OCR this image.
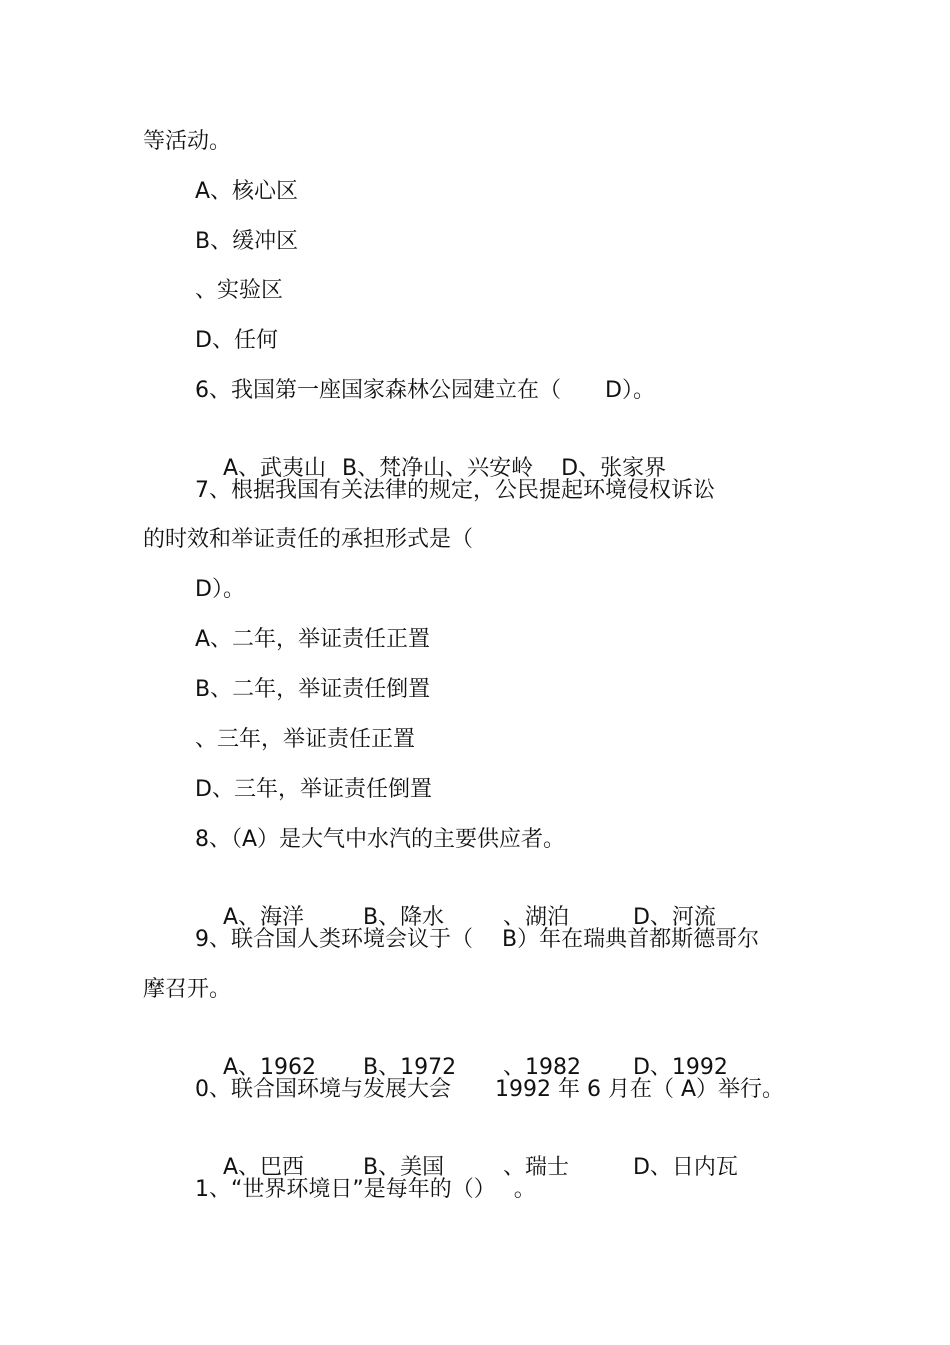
等活动。
A、核心区
B、缓冲区
、实验区
D、任何
6、我国第一座国家森林公园建立在（　　D）。

A、武夷山 B、梵净山、兴安岭 D、张家界

7、根据我国有关法律的规定，公民提起环境侵权诉讼
的时效和举证责任的承担形式是（
D）。
A、二年，举证责任正置
B、二年，举证责任倒置
、三年，举证责任正置
D、三年，举证责任倒置
8、（A）是大气中水汽的主要供应者。

A、海洋	B、降水	、湖泊	D、河流

9、联合国人类环境会议于（　 B）年在瑞典首都斯德哥尔
摩召开。

A、1962 B、1972 、1982 D、1992

0、联合国环境与发展大会　　1992 年 6 月在（ A）举行。

A、巴西	B、美国	、瑞士	D、日内瓦

1、“世界环境日”是每年的（）　 。
